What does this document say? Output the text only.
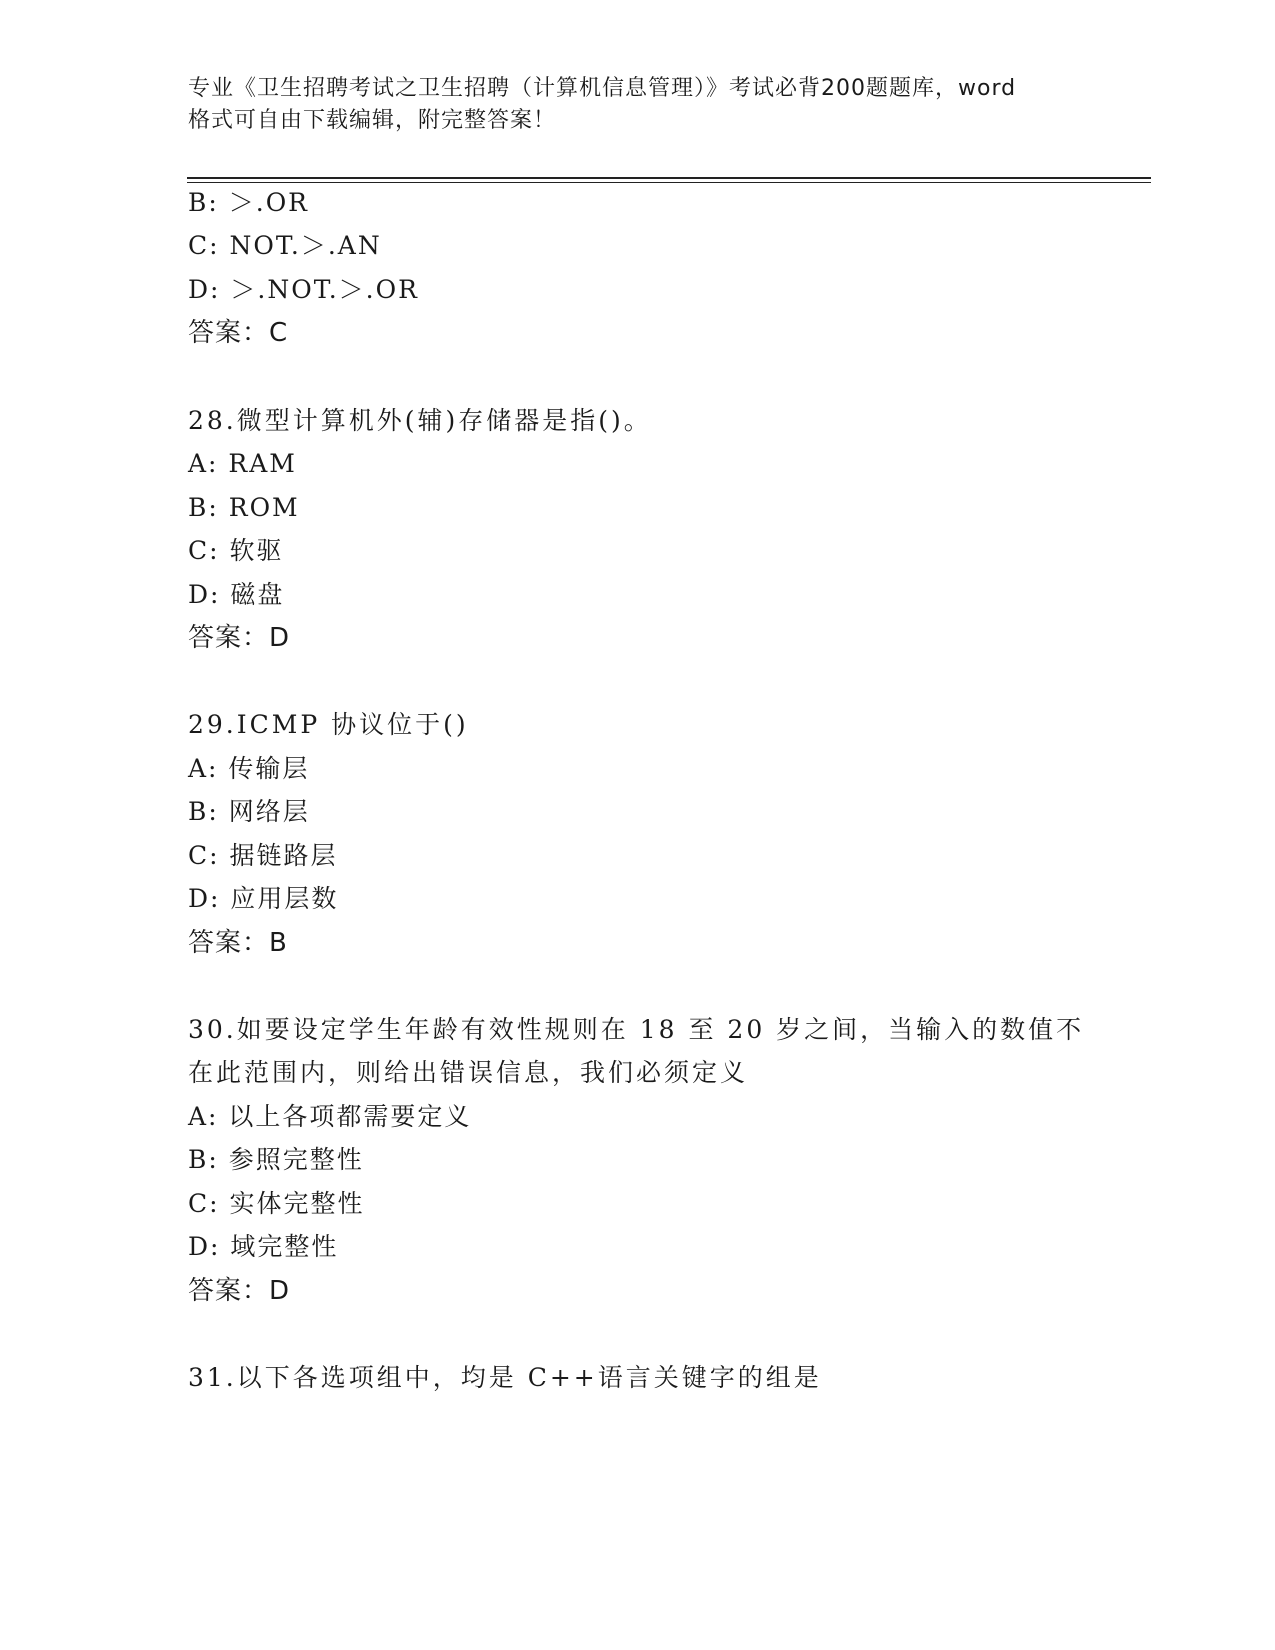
专业《卫生招聘考试之卫生招聘（计算机信息管理）》考试必背200题题库，word
格式可自由下载编辑，附完整答案！
B: ＞.OR
C: NOT.＞.AN
D: ＞.NOT.＞.OR
答案：C
28.微型计算机外(辅)存储器是指()。
A: RAM
B: ROM
C: 软驱
D: 磁盘
答案：D
29.ICMP 协议位于()
A: 传输层
B: 网络层
C: 据链路层
D: 应用层数
答案：B
30.如要设定学生年龄有效性规则在 18 至 20 岁之间，当输入的数值不
在此范围内，则给出错误信息，我们必须定义
A: 以上各项都需要定义
B: 参照完整性
C: 实体完整性
D: 域完整性
答案：D
31.以下各选项组中，均是 C++语言关键字的组是
